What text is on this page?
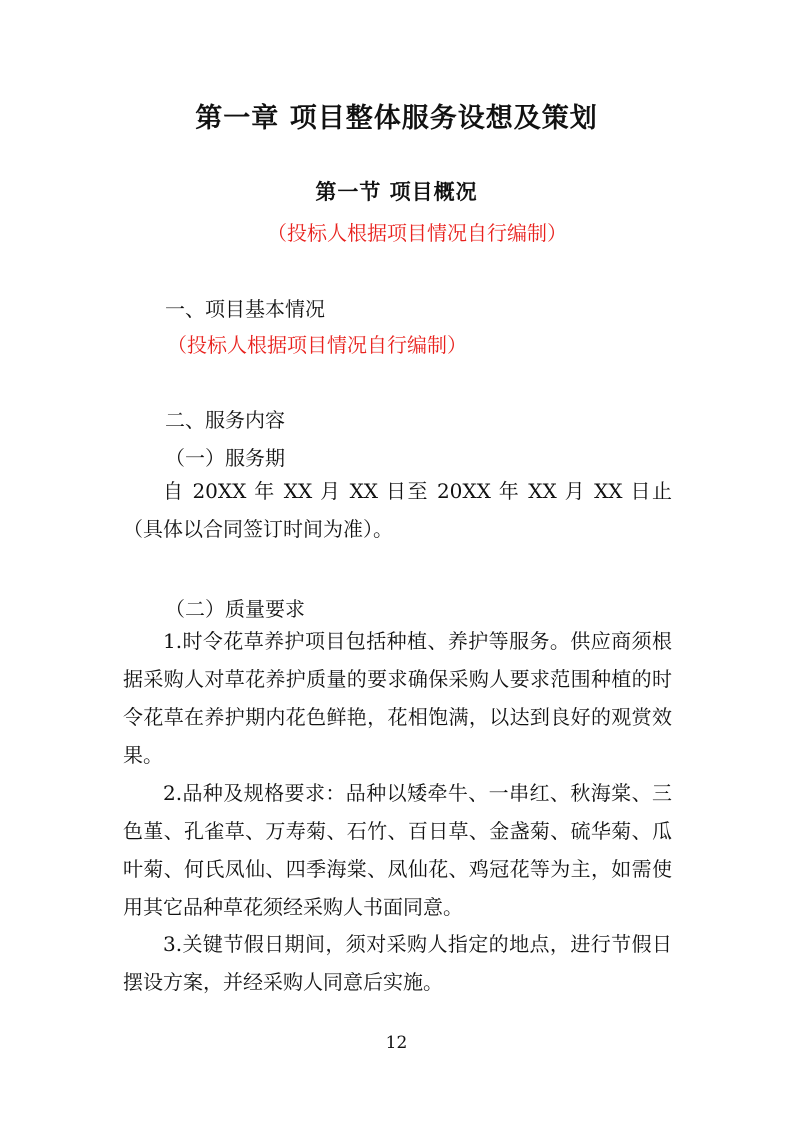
第一章 项目整体服务设想及策划
第一节 项目概况
（投标人根据项目情况自行编制）
一、项目基本情况
（投标人根据项目情况自行编制）
二、服务内容
（一）服务期
自 20XX 年 XX 月 XX 日至 20XX 年 XX 月 XX 日止（具体以合同签订时间为准）。
（二）质量要求
1.时令花草养护项目包括种植、养护等服务。供应商须根据采购人对草花养护质量的要求确保采购人要求范围种植的时令花草在养护期内花色鲜艳，花相饱满，以达到良好的观赏效果。
2.品种及规格要求：品种以矮牵牛、一串红、秋海棠、三色堇、孔雀草、万寿菊、石竹、百日草、金盏菊、硫华菊、瓜叶菊、何氏凤仙、四季海棠、凤仙花、鸡冠花等为主，如需使用其它品种草花须经采购人书面同意。
3.关键节假日期间，须对采购人指定的地点，进行节假日摆设方案，并经采购人同意后实施。
12
